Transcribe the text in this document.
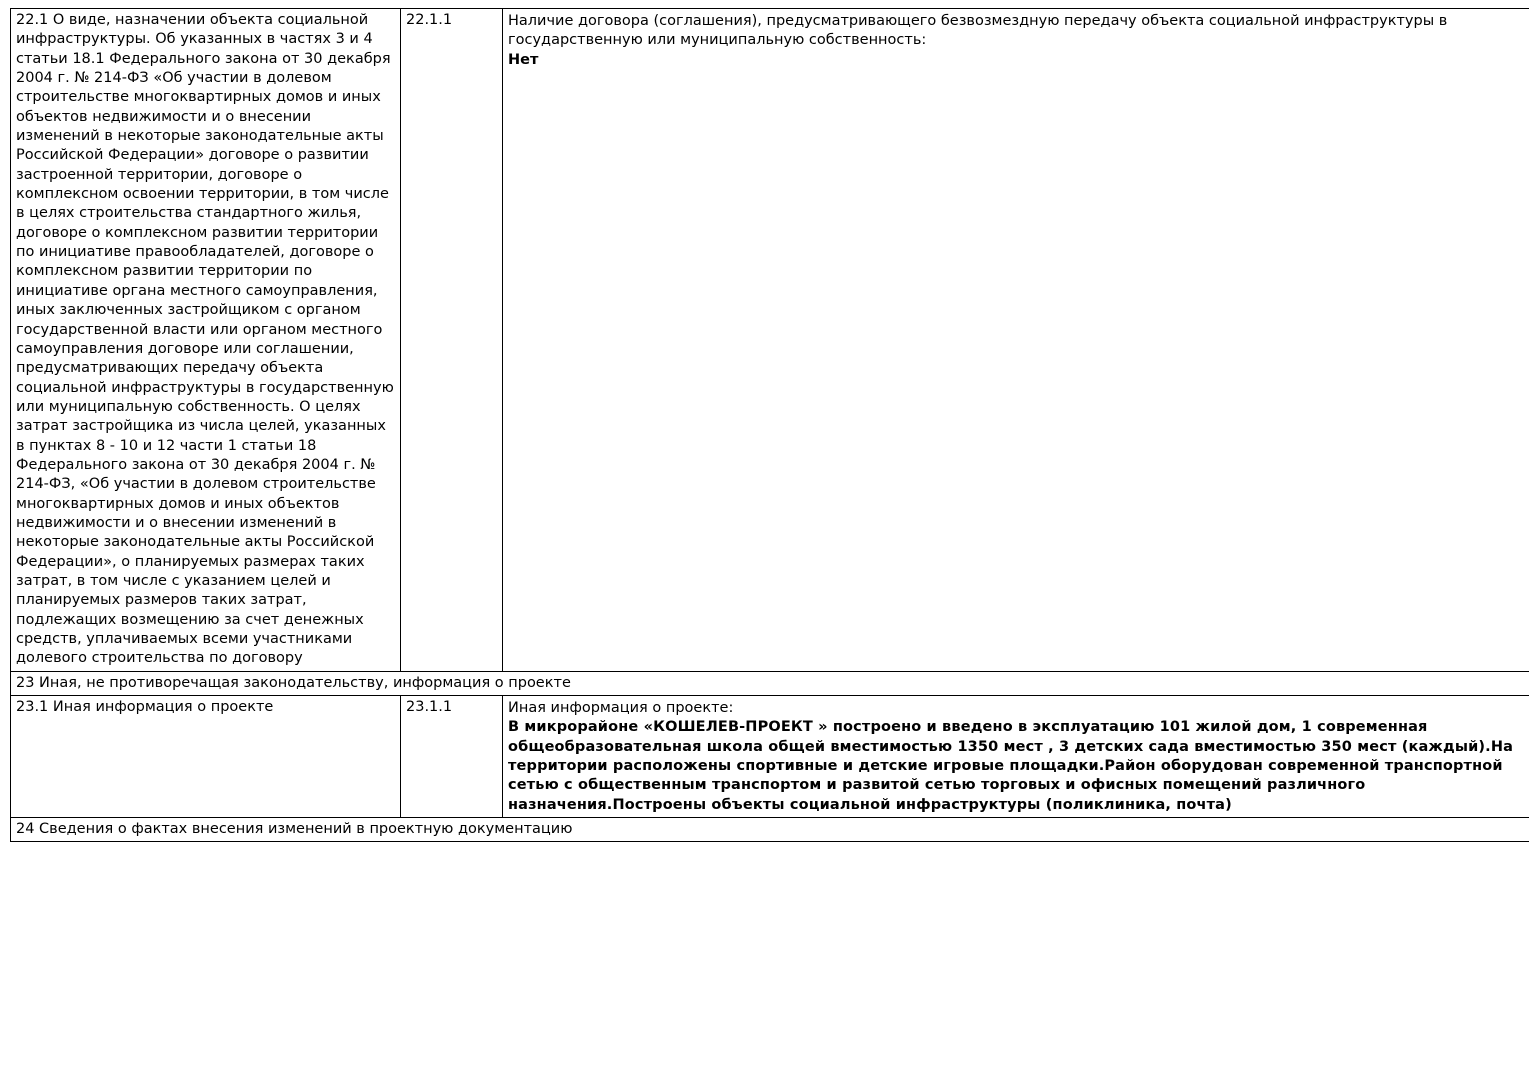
22.1 О виде, назначении объекта социальной инфраструктуры. Об указанных в частях 3 и 4 статьи 18.1 Федерального закона от 30 декабря 2004 г. № 214-ФЗ «Об участии в долевом строительстве многоквартирных домов и иных объектов недвижимости и о внесении изменений в некоторые законодательные акты Российской Федерации» договоре о развитии застроенной территории, договоре о комплексном освоении территории, в том числе в целях строительства стандартного жилья, договоре о комплексном развитии территории по инициативе правообладателей, договоре о комплексном развитии территории по инициативе органа местного самоуправления, иных заключенных застройщиком с органом государственной власти или органом местного самоуправления договоре или соглашении, предусматривающих передачу объекта социальной инфраструктуры в государственную или муниципальную собственность. О целях затрат застройщика из числа целей, указанных в пунктах 8 - 10 и 12 части 1 статьи 18 Федерального закона от 30 декабря 2004 г. № 214-ФЗ, «Об участии в долевом строительстве многоквартирных домов и иных объектов недвижимости и о внесении изменений в некоторые законодательные акты Российской Федерации», о планируемых размерах таких затрат, в том числе с указанием целей и планируемых размеров таких затрат, подлежащих возмещению за счет денежных средств, уплачиваемых всеми участниками долевого строительства по договору	22.1.1	Наличие договора (соглашения), предусматривающего безвозмездную передачу объекта социальной инфраструктуры в государственную или муниципальную собственность:
Нет

23 Иная, не противоречащая законодательству, информация о проекте		

23.1 Иная информация о проекте	23.1.1	Иная информация о проекте:
В микрорайоне «КОШЕЛЕВ-ПРОЕКТ » построено и введено в эксплуатацию 101 жилой дом, 1 современная общеобразовательная школа общей вместимостью 1350 мест , 3 детских сада вместимостью 350 мест (каждый).На территории расположены спортивные и детские игровые площадки.Район оборудован современной транспортной сетью с общественным транспортом и развитой сетью торговых и офисных помещений различного назначения.Построены объекты социальной инфраструктуры (поликлиника, почта)

24 Сведения о фактах внесения изменений в проектную документацию		
